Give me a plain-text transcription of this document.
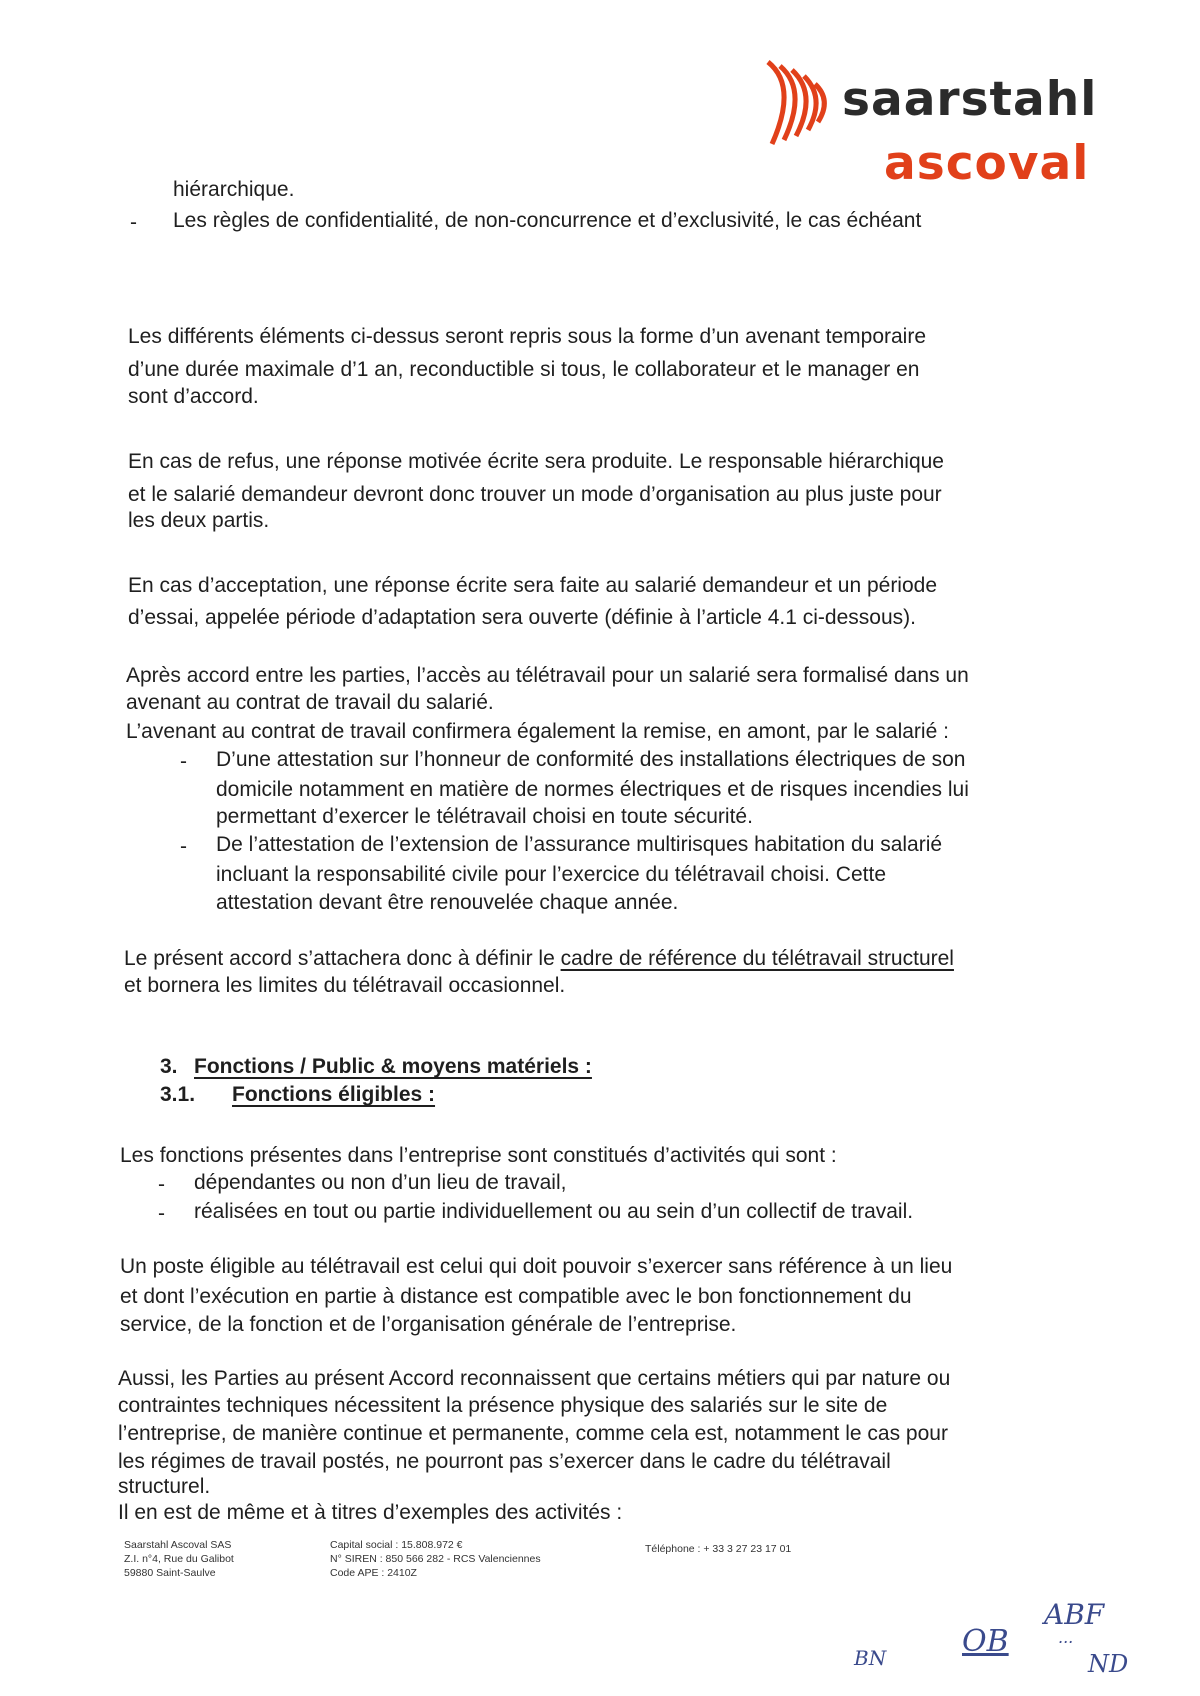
saarstahl
ascoval
hiérarchique.
- Les règles de confidentialité, de non-concurrence et d’exclusivité, le cas échéant
Les différents éléments ci-dessus seront repris sous la forme d’un avenant temporaire
d’une durée maximale d’1 an, reconductible si tous, le collaborateur et le manager en
sont d’accord.
En cas de refus, une réponse motivée écrite sera produite. Le responsable hiérarchique
et le salarié demandeur devront donc trouver un mode d’organisation au plus juste pour
les deux partis.
En cas d’acceptation, une réponse écrite sera faite au salarié demandeur et un période
d’essai, appelée période d’adaptation sera ouverte (définie à l’article 4.1 ci-dessous).
Après accord entre les parties, l’accès au télétravail pour un salarié sera formalisé dans un
avenant au contrat de travail du salarié.
L’avenant au contrat de travail confirmera également la remise, en amont, par le salarié :
- D’une attestation sur l’honneur de conformité des installations électriques de son
domicile notamment en matière de normes électriques et de risques incendies lui
permettant d’exercer le télétravail choisi en toute sécurité.
- De l’attestation de l’extension de l’assurance multirisques habitation du salarié
incluant la responsabilité civile pour l’exercice du télétravail choisi. Cette
attestation devant être renouvelée chaque année.
Le présent accord s’attachera donc à définir le cadre de référence du télétravail structurel
et bornera les limites du télétravail occasionnel.
3. Fonctions / Public & moyens matériels :
3.1. Fonctions éligibles :
Les fonctions présentes dans l’entreprise sont constitués d’activités qui sont :
- dépendantes ou non d’un lieu de travail,
- réalisées en tout ou partie individuellement ou au sein d’un collectif de travail.
Un poste éligible au télétravail est celui qui doit pouvoir s’exercer sans référence à un lieu
et dont l’exécution en partie à distance est compatible avec le bon fonctionnement du
service, de la fonction et de l’organisation générale de l’entreprise.
Aussi, les Parties au présent Accord reconnaissent que certains métiers qui par nature ou
contraintes techniques nécessitent la présence physique des salariés sur le site de
l’entreprise, de manière continue et permanente, comme cela est, notamment le cas pour
les régimes de travail postés, ne pourront pas s’exercer dans le cadre du télétravail
structurel.
Il en est de même et à titres d’exemples des activités :
Saarstahl Ascoval SAS
Z.I. n°4, Rue du Galibot
59880 Saint-Saulve
Capital social : 15.808.972 €
N° SIREN : 850 566 282 - RCS Valenciennes
Code APE : 2410Z
Téléphone : + 33 3 27 23 17 01
BN	OB
ABF
...
ND
